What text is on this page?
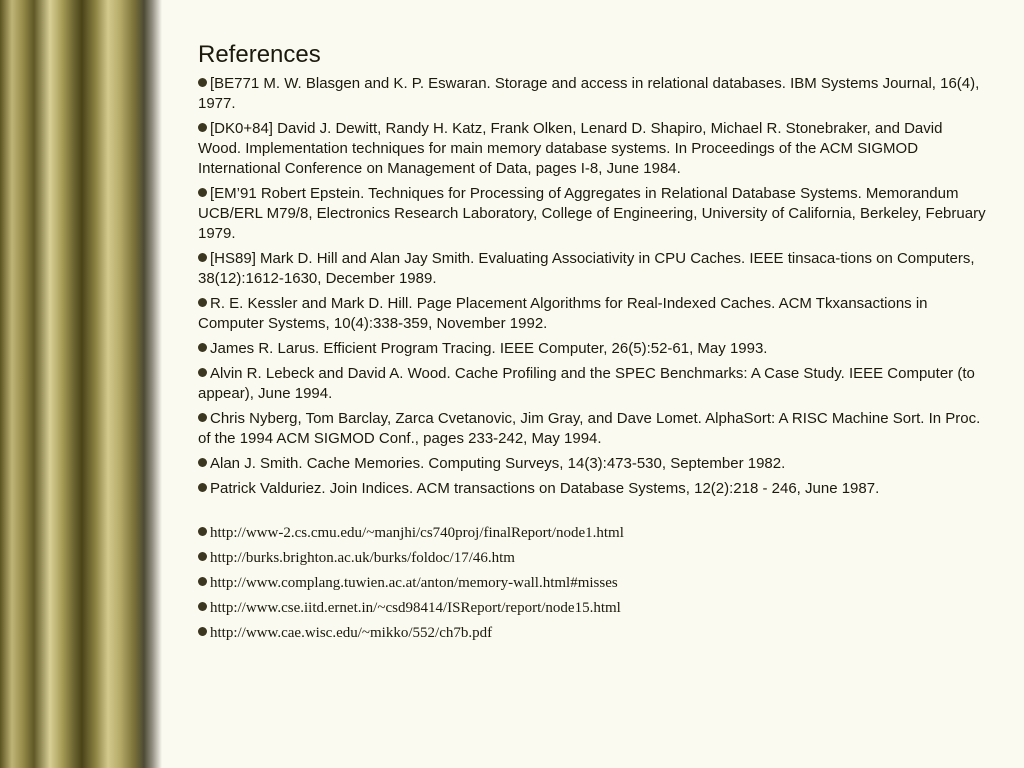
References
[BE771 M. W. Blasgen and K. P. Eswaran. Storage and access in relational databases. IBM Systems Journal, 16(4), 1977.
[DK0+84] David J. Dewitt, Randy H. Katz, Frank Olken, Lenard D. Shapiro, Michael R. Stonebraker, and David Wood. Implementation techniques for main memory database systems. In Proceedings of the ACM SIGMOD International Conference on Management of Data, pages I-8, June 1984.
[EM’91 Robert Epstein. Techniques for Processing of Aggregates in Relational Database Systems. Memorandum UCB/ERL M79/8, Electronics Research Laboratory, College of Engineering, University of California, Berkeley, February 1979.
[HS89] Mark D. Hill and Alan Jay Smith. Evaluating Associativity in CPU Caches. IEEE tinsaca-tions on Computers, 38(12):1612-1630, December 1989.
R. E. Kessler and Mark D. Hill. Page Placement Algorithms for Real-Indexed Caches. ACM Tkxansactions in Computer Systems, 10(4):338-359, November 1992.
James R. Larus. Efficient Program Tracing. IEEE Computer, 26(5):52-61, May 1993.
Alvin R. Lebeck and David A. Wood. Cache Profiling and the SPEC Benchmarks: A Case Study. IEEE Computer (to appear), June 1994.
Chris Nyberg, Tom Barclay, Zarca Cvetanovic, Jim Gray, and Dave Lomet. AlphaSort: A RISC Machine Sort. In Proc. of the 1994 ACM SIGMOD Conf., pages 233-242, May 1994.
Alan J. Smith. Cache Memories. Computing Surveys, 14(3):473-530, September 1982.
Patrick Valduriez. Join Indices. ACM transactions on Database Systems, 12(2):218 - 246, June 1987.
http://www-2.cs.cmu.edu/~manjhi/cs740proj/finalReport/node1.html
http://burks.brighton.ac.uk/burks/foldoc/17/46.htm
http://www.complang.tuwien.ac.at/anton/memory-wall.html#misses
http://www.cse.iitd.ernet.in/~csd98414/ISReport/report/node15.html
http://www.cae.wisc.edu/~mikko/552/ch7b.pdf
